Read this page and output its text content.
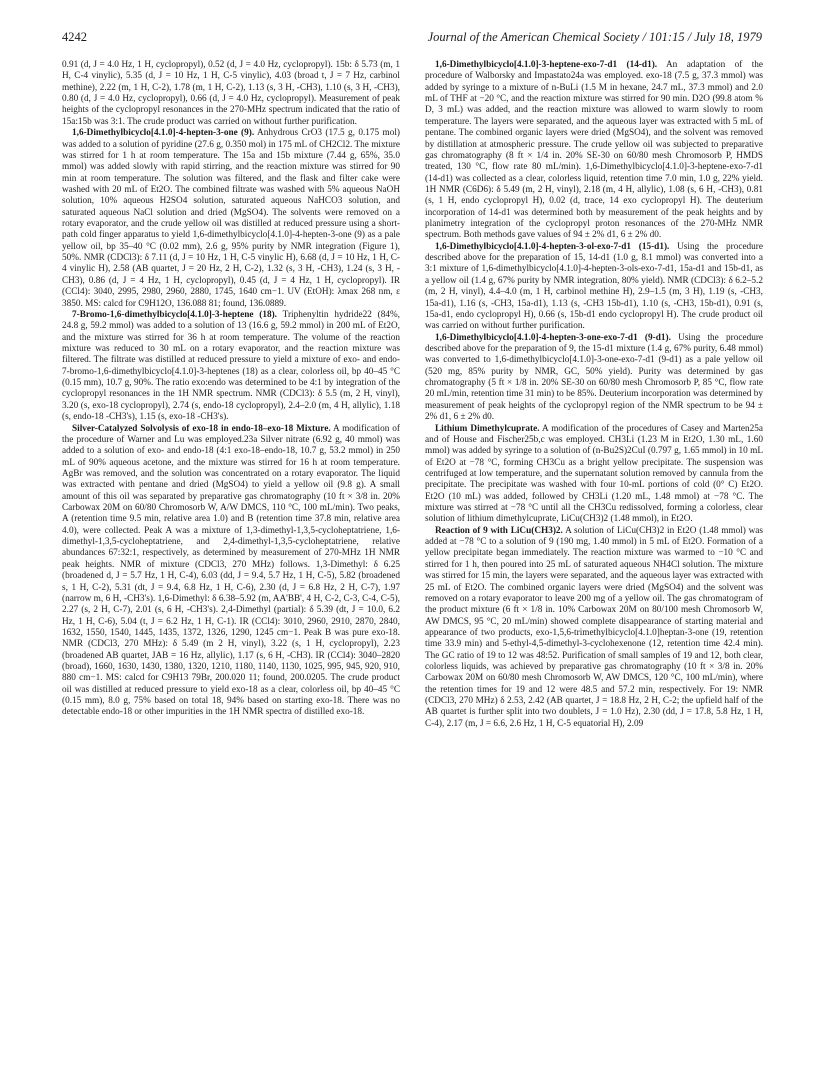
4242	Journal of the American Chemical Society / 101:15 / July 18, 1979

0.91 (d, J = 4.0 Hz, 1 H, cyclopropyl), 0.52 (d, J = 4.0 Hz, cyclopropyl). 15b: δ 5.73 (m, 1 H, C-4 vinylic), 5.35 (d, J = 10 Hz, 1 H, C-5 vinylic), 4.03 (broad t, J = 7 Hz, carbinol methine), 2.22 (m, 1 H, C-2), 1.78 (m, 1 H, C-2), 1.13 (s, 3 H, -CH3), 1.10 (s, 3 H, -CH3), 0.80 (d, J = 4.0 Hz, cyclopropyl), 0.66 (d, J = 4.0 Hz, cyclopropyl). Measurement of peak heights of the cyclopropyl resonances in the 270-MHz spectrum indicated that the ratio of 15a:15b was 3:1. The crude product was carried on without further purification.

1,6-Dimethylbicyclo[4.1.0]-4-hepten-3-one (9). Anhydrous CrO3 (17.5 g, 0.175 mol) was added to a solution of pyridine (27.6 g, 0.350 mol) in 175 mL of CH2Cl2. The mixture was stirred for 1 h at room temperature. The 15a and 15b mixture (7.44 g, 65%, 35.0 mmol) was added slowly with rapid stirring, and the reaction mixture was stirred for 90 min at room temperature. The solution was filtered, and the flask and filter cake were washed with 20 mL of Et2O. The combined filtrate was washed with 5% aqueous NaOH solution, 10% aqueous H2SO4 solution, saturated aqueous NaHCO3 solution, and saturated aqueous NaCl solution and dried (MgSO4). The solvents were removed on a rotary evaporator, and the crude yellow oil was distilled at reduced pressure using a short-path cold finger apparatus to yield 1,6-dimethylbicyclo[4.1.0]-4-hepten-3-one (9) as a pale yellow oil, bp 35–40 °C (0.02 mm), 2.6 g, 95% purity by NMR integration (Figure 1), 50%. NMR (CDCl3): δ 7.11 (d, J = 10 Hz, 1 H, C-5 vinylic H), 6.68 (d, J = 10 Hz, 1 H, C-4 vinylic H), 2.58 (AB quartet, J = 20 Hz, 2 H, C-2), 1.32 (s, 3 H, -CH3), 1.24 (s, 3 H, -CH3), 0.86 (d, J = 4 Hz, 1 H, cyclopropyl), 0.45 (d, J = 4 Hz, 1 H, cyclopropyl). IR (CCl4): 3040, 2995, 2980, 2960, 2880, 1745, 1640 cm−1. UV (EtOH): λmax 268 nm, ε 3850. MS: calcd for C9H12O, 136.088 81; found, 136.0889.

7-Bromo-1,6-dimethylbicyclo[4.1.0]-3-heptene (18). Triphenyltin hydride22 (84%, 24.8 g, 59.2 mmol) was added to a solution of 13 (16.6 g, 59.2 mmol) in 200 mL of Et2O, and the mixture was stirred for 36 h at room temperature. The volume of the reaction mixture was reduced to 30 mL on a rotary evaporator, and the reaction mixture was filtered. The filtrate was distilled at reduced pressure to yield a mixture of exo- and endo-7-bromo-1,6-dimethylbicyclo[4.1.0]-3-heptenes (18) as a clear, colorless oil, bp 40–45 °C (0.15 mm), 10.7 g, 90%. The ratio exo:endo was determined to be 4:1 by integration of the cyclopropyl resonances in the 1H NMR spectrum. NMR (CDCl3): δ 5.5 (m, 2 H, vinyl), 3.20 (s, exo-18 cyclopropyl), 2.74 (s, endo-18 cyclopropyl), 2.4–2.0 (m, 4 H, allylic), 1.18 (s, endo-18 -CH3's), 1.15 (s, exo-18 -CH3's).

Silver-Catalyzed Solvolysis of exo-18 in endo-18–exo-18 Mixture. A modification of the procedure of Warner and Lu was employed.23a Silver nitrate (6.92 g, 40 mmol) was added to a solution of exo- and endo-18 (4:1 exo-18–endo-18, 10.7 g, 53.2 mmol) in 250 mL of 90% aqueous acetone, and the mixture was stirred for 16 h at room temperature. AgBr was removed, and the solution was concentrated on a rotary evaporator. The liquid was extracted with pentane and dried (MgSO4) to yield a yellow oil (9.8 g). A small amount of this oil was separated by preparative gas chromatography (10 ft × 3/8 in. 20% Carbowax 20M on 60/80 Chromosorb W, A/W DMCS, 110 °C, 100 mL/min). Two peaks, A (retention time 9.5 min, relative area 1.0) and B (retention time 37.8 min, relative area 4.0), were collected. Peak A was a mixture of 1,3-dimethyl-1,3,5-cycloheptatriene, 1,6-dimethyl-1,3,5-cycloheptatriene, and 2,4-dimethyl-1,3,5-cycloheptatriene, relative abundances 67:32:1, respectively, as determined by measurement of 270-MHz 1H NMR peak heights. NMR of mixture (CDCl3, 270 MHz) follows. 1,3-Dimethyl: δ 6.25 (broadened d, J = 5.7 Hz, 1 H, C-4), 6.03 (dd, J = 9.4, 5.7 Hz, 1 H, C-5), 5.82 (broadened s, 1 H, C-2), 5.31 (dt, J = 9.4, 6.8 Hz, 1 H, C-6), 2.30 (d, J = 6.8 Hz, 2 H, C-7), 1.97 (narrow m, 6 H, -CH3's). 1,6-Dimethyl: δ 6.38–5.92 (m, AA'BB', 4 H, C-2, C-3, C-4, C-5), 2.27 (s, 2 H, C-7), 2.01 (s, 6 H, -CH3's). 2,4-Dimethyl (partial): δ 5.39 (dt, J = 10.0, 6.2 Hz, 1 H, C-6), 5.04 (t, J = 6.2 Hz, 1 H, C-1). IR (CCl4): 3010, 2960, 2910, 2870, 2840, 1632, 1550, 1540, 1445, 1435, 1372, 1326, 1290, 1245 cm−1. Peak B was pure exo-18. NMR (CDCl3, 270 MHz): δ 5.49 (m 2 H, vinyl), 3.22 (s, 1 H, cyclopropyl), 2.23 (broadened AB quartet, JAB = 16 Hz, allylic), 1.17 (s, 6 H, -CH3). IR (CCl4): 3040–2820 (broad), 1660, 1630, 1430, 1380, 1320, 1210, 1180, 1140, 1130, 1025, 995, 945, 920, 910, 880 cm−1. MS: calcd for C9H13 79Br, 200.020 11; found, 200.0205. The crude product oil was distilled at reduced pressure to yield exo-18 as a clear, colorless oil, bp 40–45 °C (0.15 mm), 8.0 g, 75% based on total 18, 94% based on starting exo-18. There was no detectable endo-18 or other impurities in the 1H NMR spectra of distilled exo-18.

1,6-Dimethylbicyclo[4.1.0]-3-heptene-exo-7-d1 (14-d1). An adaptation of the procedure of Walborsky and Impastato24a was employed. exo-18 (7.5 g, 37.3 mmol) was added by syringe to a mixture of n-BuLi (1.5 M in hexane, 24.7 mL, 37.3 mmol) and 2.0 mL of THF at −20 °C, and the reaction mixture was stirred for 90 min. D2O (99.8 atom % D, 3 mL) was added, and the reaction mixture was allowed to warm slowly to room temperature. The layers were separated, and the aqueous layer was extracted with 5 mL of pentane. The combined organic layers were dried (MgSO4), and the solvent was removed by distillation at atmospheric pressure. The crude yellow oil was subjected to preparative gas chromatography (8 ft × 1/4 in. 20% SE-30 on 60/80 mesh Chromosorb P, HMDS treated, 130 °C, flow rate 80 mL/min). 1,6-Dimethylbicyclo[4.1.0]-3-heptene-exo-7-d1 (14-d1) was collected as a clear, colorless liquid, retention time 7.0 min, 1.0 g, 22% yield. 1H NMR (C6D6): δ 5.49 (m, 2 H, vinyl), 2.18 (m, 4 H, allylic), 1.08 (s, 6 H, -CH3), 0.81 (s, 1 H, endo cyclopropyl H), 0.02 (d, trace, 14 exo cyclopropyl H). The deuterium incorporation of 14-d1 was determined both by measurement of the peak heights and by planimetry integration of the cyclopropyl proton resonances of the 270-MHz NMR spectrum. Both methods gave values of 94 ± 2% d1, 6 ± 2% d0.

1,6-Dimethylbicyclo[4.1.0]-4-hepten-3-ol-exo-7-d1 (15-d1). Using the procedure described above for the preparation of 15, 14-d1 (1.0 g, 8.1 mmol) was converted into a 3:1 mixture of 1,6-dimethylbicyclo[4.1.0]-4-hepten-3-ols-exo-7-d1, 15a-d1 and 15b-d1, as a yellow oil (1.4 g, 67% purity by NMR integration, 80% yield). NMR (CDCl3): δ 6.2–5.2 (m, 2 H, vinyl), 4.4–4.0 (m, 1 H, carbinol methine H), 2.9–1.5 (m, 3 H), 1.19 (s, -CH3, 15a-d1), 1.16 (s, -CH3, 15a-d1), 1.13 (s, -CH3 15b-d1), 1.10 (s, -CH3, 15b-d1), 0.91 (s, 15a-d1, endo cyclopropyl H), 0.66 (s, 15b-d1 endo cyclopropyl H). The crude product oil was carried on without further purification.

1,6-Dimethylbicyclo[4.1.0]-4-hepten-3-one-exo-7-d1 (9-d1). Using the procedure described above for the preparation of 9, the 15-d1 mixture (1.4 g, 67% purity, 6.48 mmol) was converted to 1,6-dimethylbicyclo[4.1.0]-3-one-exo-7-d1 (9-d1) as a pale yellow oil (520 mg, 85% purity by NMR, GC, 50% yield). Purity was determined by gas chromatography (5 ft × 1/8 in. 20% SE-30 on 60/80 mesh Chromosorb P, 85 °C, flow rate 20 mL/min, retention time 31 min) to be 85%. Deuterium incorporation was determined by measurement of peak heights of the cyclopropyl region of the NMR spectrum to be 94 ± 2% d1, 6 ± 2% d0.

Lithium Dimethylcuprate. A modification of the procedures of Casey and Marten25a and of House and Fischer25b,c was employed. CH3Li (1.23 M in Et2O, 1.30 mL, 1.60 mmol) was added by syringe to a solution of (n-Bu2S)2CuI (0.797 g, 1.65 mmol) in 10 mL of Et2O at −78 °C, forming CH3Cu as a bright yellow precipitate. The suspension was centrifuged at low temperature, and the supernatant solution removed by cannula from the precipitate. The precipitate was washed with four 10-mL portions of cold (0° C) Et2O. Et2O (10 mL) was added, followed by CH3Li (1.20 mL, 1.48 mmol) at −78 °C. The mixture was stirred at −78 °C until all the CH3Cu redissolved, forming a colorless, clear solution of lithium dimethylcuprate, LiCu(CH3)2 (1.48 mmol), in Et2O.

Reaction of 9 with LiCu(CH3)2. A solution of LiCu(CH3)2 in Et2O (1.48 mmol) was added at −78 °C to a solution of 9 (190 mg, 1.40 mmol) in 5 mL of Et2O. Formation of a yellow precipitate began immediately. The reaction mixture was warmed to −10 °C and stirred for 1 h, then poured into 25 mL of saturated aqueous NH4Cl solution. The mixture was stirred for 15 min, the layers were separated, and the aqueous layer was extracted with 25 mL of Et2O. The combined organic layers were dried (MgSO4) and the solvent was removed on a rotary evaporator to leave 200 mg of a yellow oil. The gas chromatogram of the product mixture (6 ft × 1/8 in. 10% Carbowax 20M on 80/100 mesh Chromosorb W, AW DMCS, 95 °C, 20 mL/min) showed complete disappearance of starting material and appearance of two products, exo-1,5,6-trimethylbicyclo[4.1.0]heptan-3-one (19, retention time 33.9 min) and 5-ethyl-4,5-dimethyl-3-cyclohexenone (12, retention time 42.4 min). The GC ratio of 19 to 12 was 48:52. Purification of small samples of 19 and 12, both clear, colorless liquids, was achieved by preparative gas chromatography (10 ft × 3/8 in. 20% Carbowax 20M on 60/80 mesh Chromosorb W, AW DMCS, 120 °C, 100 mL/min), where the retention times for 19 and 12 were 48.5 and 57.2 min, respectively. For 19: NMR (CDCl3, 270 MHz) δ 2.53, 2.42 (AB quartet, J = 18.8 Hz, 2 H, C-2; the upfield half of the AB quartet is further split into two doublets, J = 1.0 Hz), 2.30 (dd, J = 17.8, 5.8 Hz, 1 H, C-4), 2.17 (m, J = 6.6, 2.6 Hz, 1 H, C-5 equatorial H), 2.09
